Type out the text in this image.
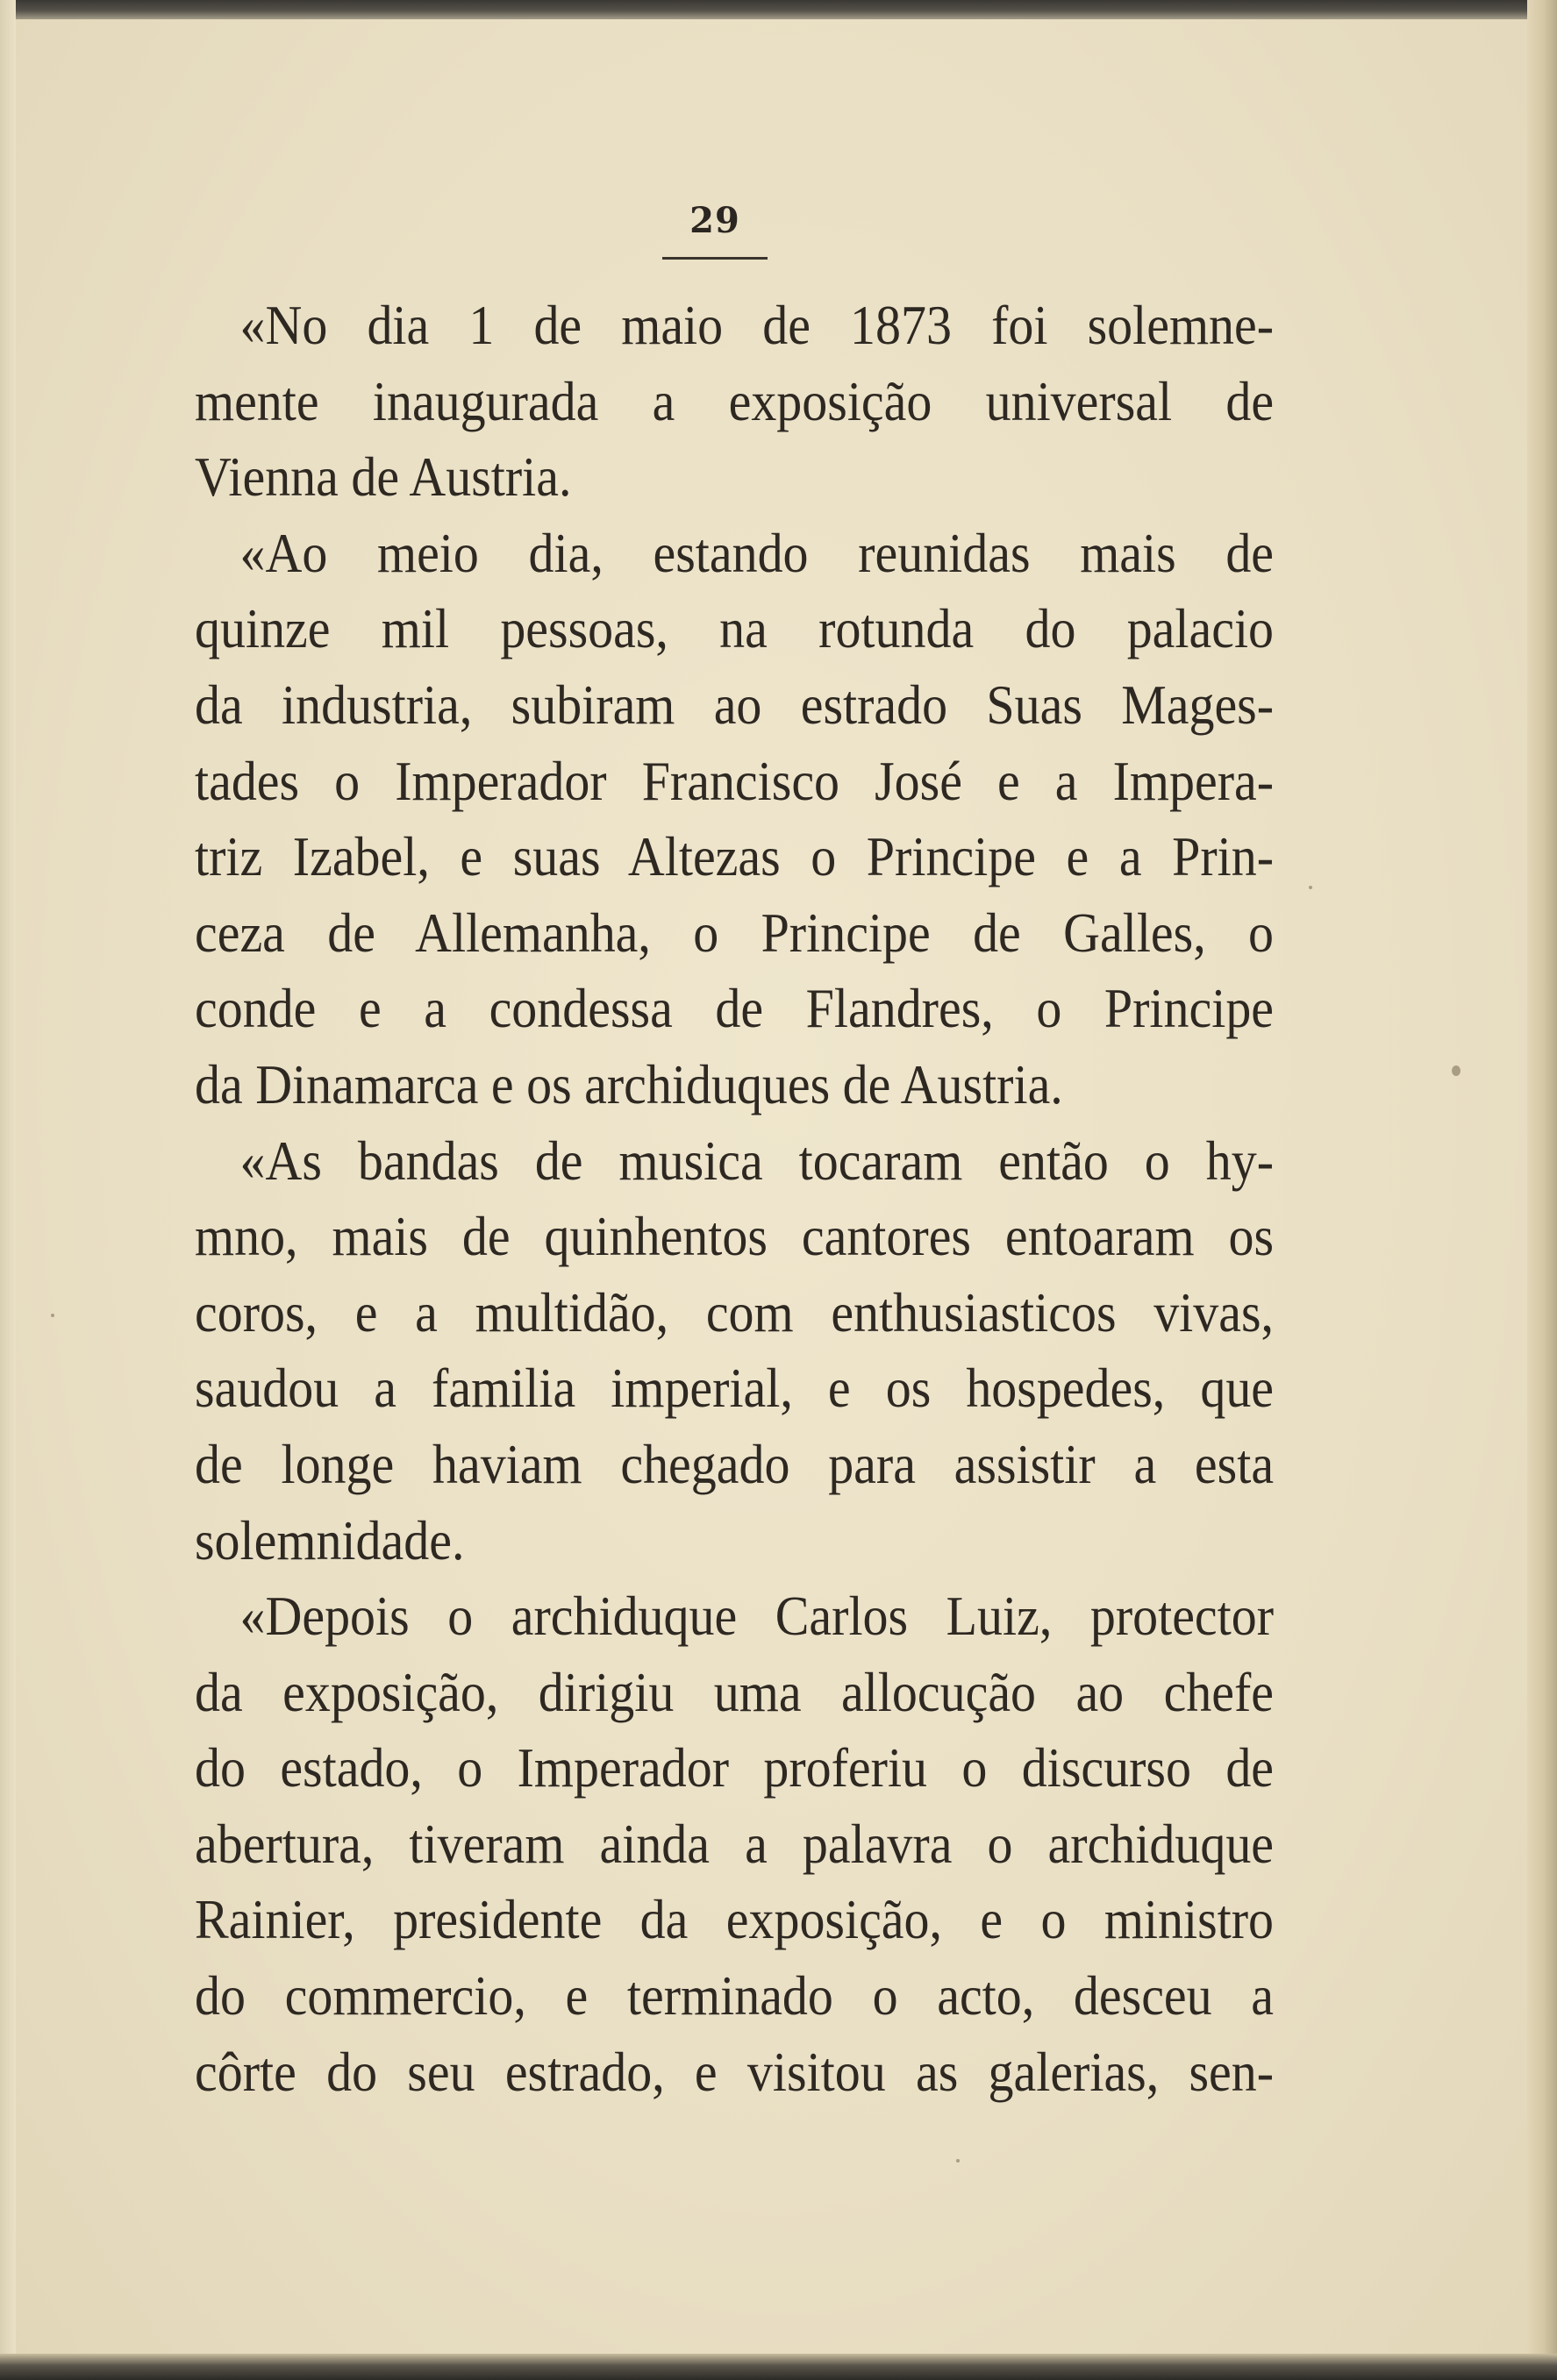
29
«No dia 1 de maio de 1873 foi solemne-
mente inaugurada a exposição universal de
Vienna de Austria.
«Ao meio dia, estando reunidas mais de
quinze mil pessoas, na rotunda do palacio
da industria, subiram ao estrado Suas Mages-
tades o Imperador Francisco José e a Impera-
triz Izabel, e suas Altezas o Principe e a Prin-
ceza de Allemanha, o Principe de Galles, o
conde e a condessa de Flandres, o Principe
da Dinamarca e os archiduques de Austria.
«As bandas de musica tocaram então o hy-
mno, mais de quinhentos cantores entoaram os
coros, e a multidão, com enthusiasticos vivas,
saudou a familia imperial, e os hospedes, que
de longe haviam chegado para assistir a esta
solemnidade.
«Depois o archiduque Carlos Luiz, protector
da exposição, dirigiu uma allocução ao chefe
do estado, o Imperador proferiu o discurso de
abertura, tiveram ainda a palavra o archiduque
Rainier, presidente da exposição, e o ministro
do commercio, e terminado o acto, desceu a
côrte do seu estrado, e visitou as galerias, sen-
